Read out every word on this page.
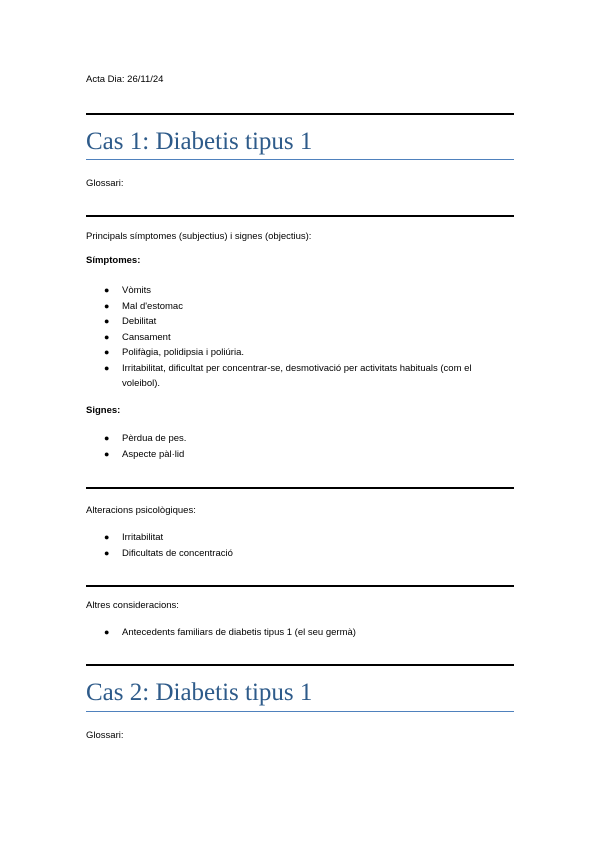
Acta Dia: 26/11/24
Cas 1: Diabetis tipus 1
Glossari:
Principals símptomes (subjectius) i signes (objectius):
Símptomes:
● Vòmits
● Mal d'estomac
● Debilitat
● Cansament
● Polifàgia, polidipsia i poliúria.
● Irritabilitat, dificultat per concentrar-se, desmotivació per activitats habituals (com el voleibol).
Signes:
● Pèrdua de pes.
● Aspecte pàl·lid
Alteracions psicològiques:
● Irritabilitat
● Dificultats de concentració
Altres consideracions:
● Antecedents familiars de diabetis tipus 1 (el seu germà)
Cas 2: Diabetis tipus 1
Glossari:
